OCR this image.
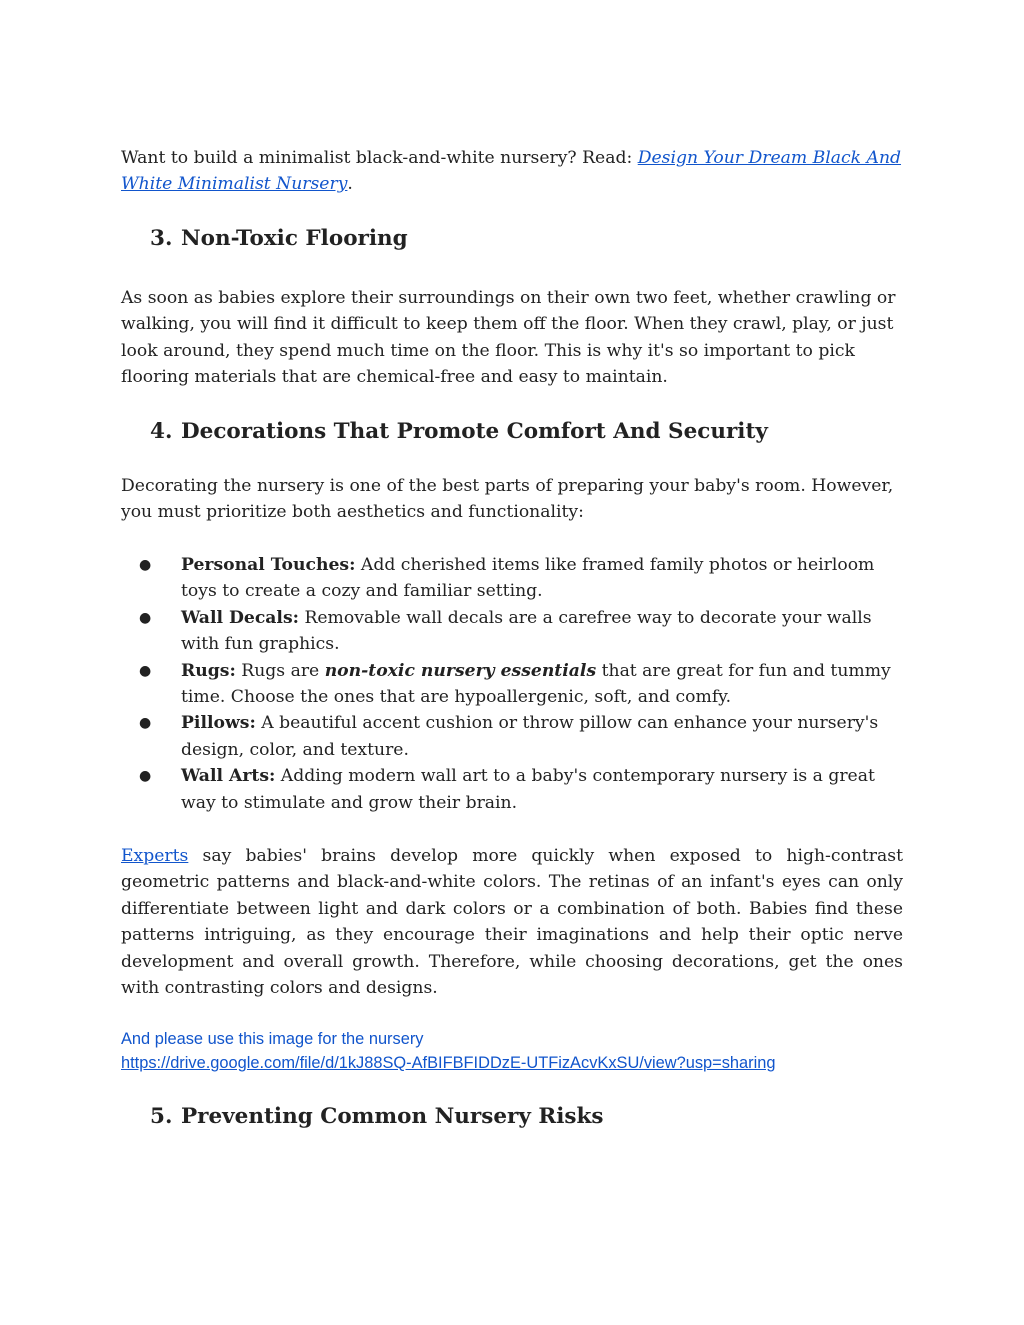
Want to build a minimalist black-and-white nursery? Read: Design Your Dream Black And White Minimalist Nursery.

3. Non-Toxic Flooring

As soon as babies explore their surroundings on their own two feet, whether crawling or walking, you will find it difficult to keep them off the floor. When they crawl, play, or just look around, they spend much time on the floor. This is why it's so important to pick flooring materials that are chemical-free and easy to maintain.

4. Decorations That Promote Comfort And Security

Decorating the nursery is one of the best parts of preparing your baby's room. However, you must prioritize both aesthetics and functionality:

● Personal Touches: Add cherished items like framed family photos or heirloom toys to create a cozy and familiar setting.
● Wall Decals: Removable wall decals are a carefree way to decorate your walls with fun graphics.
● Rugs: Rugs are non-toxic nursery essentials that are great for fun and tummy time. Choose the ones that are hypoallergenic, soft, and comfy.
● Pillows: A beautiful accent cushion or throw pillow can enhance your nursery's design, color, and texture.
● Wall Arts: Adding modern wall art to a baby's contemporary nursery is a great way to stimulate and grow their brain.

Experts say babies' brains develop more quickly when exposed to high-contrast geometric patterns and black-and-white colors. The retinas of an infant's eyes can only differentiate between light and dark colors or a combination of both. Babies find these patterns intriguing, as they encourage their imaginations and help their optic nerve development and overall growth. Therefore, while choosing decorations, get the ones with contrasting colors and designs.

And please use this image for the nursery
https://drive.google.com/file/d/1kJ88SQ-AfBIFBFIDDzE-UTFizAcvKxSU/view?usp=sharing
5. Preventing Common Nursery Risks
